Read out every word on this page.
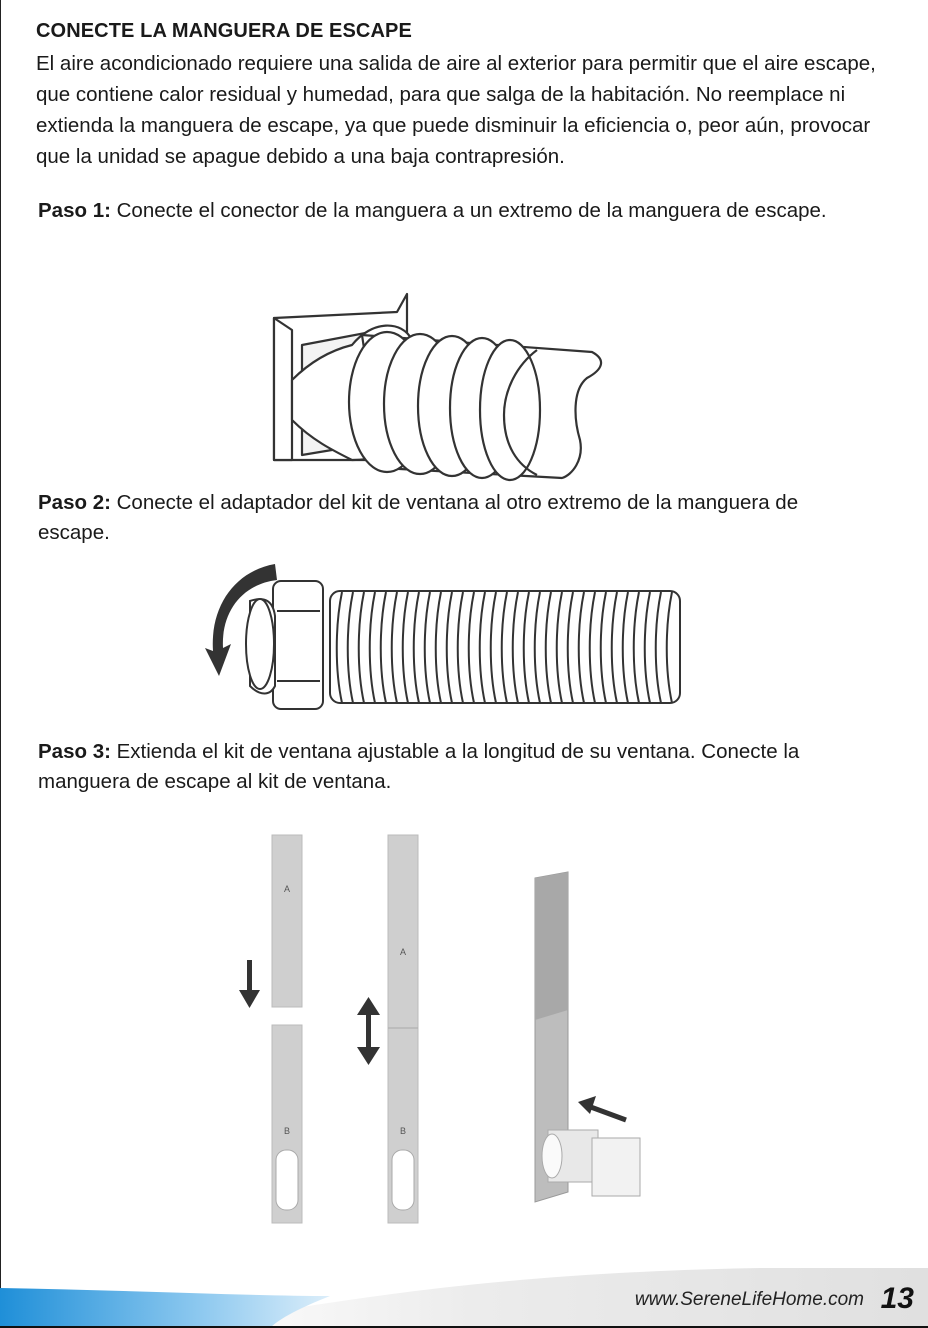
CONECTE LA MANGUERA DE ESCAPE
El aire acondicionado requiere una salida de aire al exterior para permitir que el aire escape, que contiene calor residual y humedad, para que salga de la habitación. No reemplace ni extienda la manguera de escape, ya que puede disminuir la eficiencia o, peor aún, provocar que la unidad se apague debido a una baja contrapresión.
Paso 1: Conecte el conector de la manguera a un extremo de la manguera de escape.
Paso 2: Conecte el adaptador del kit de ventana al otro extremo de la manguera de escape.
Paso 3: Extienda el kit de ventana ajustable a la longitud de su ventana. Conecte la manguera de escape al kit de ventana.
A
B
A
B
www.SereneLifeHome.com 13
